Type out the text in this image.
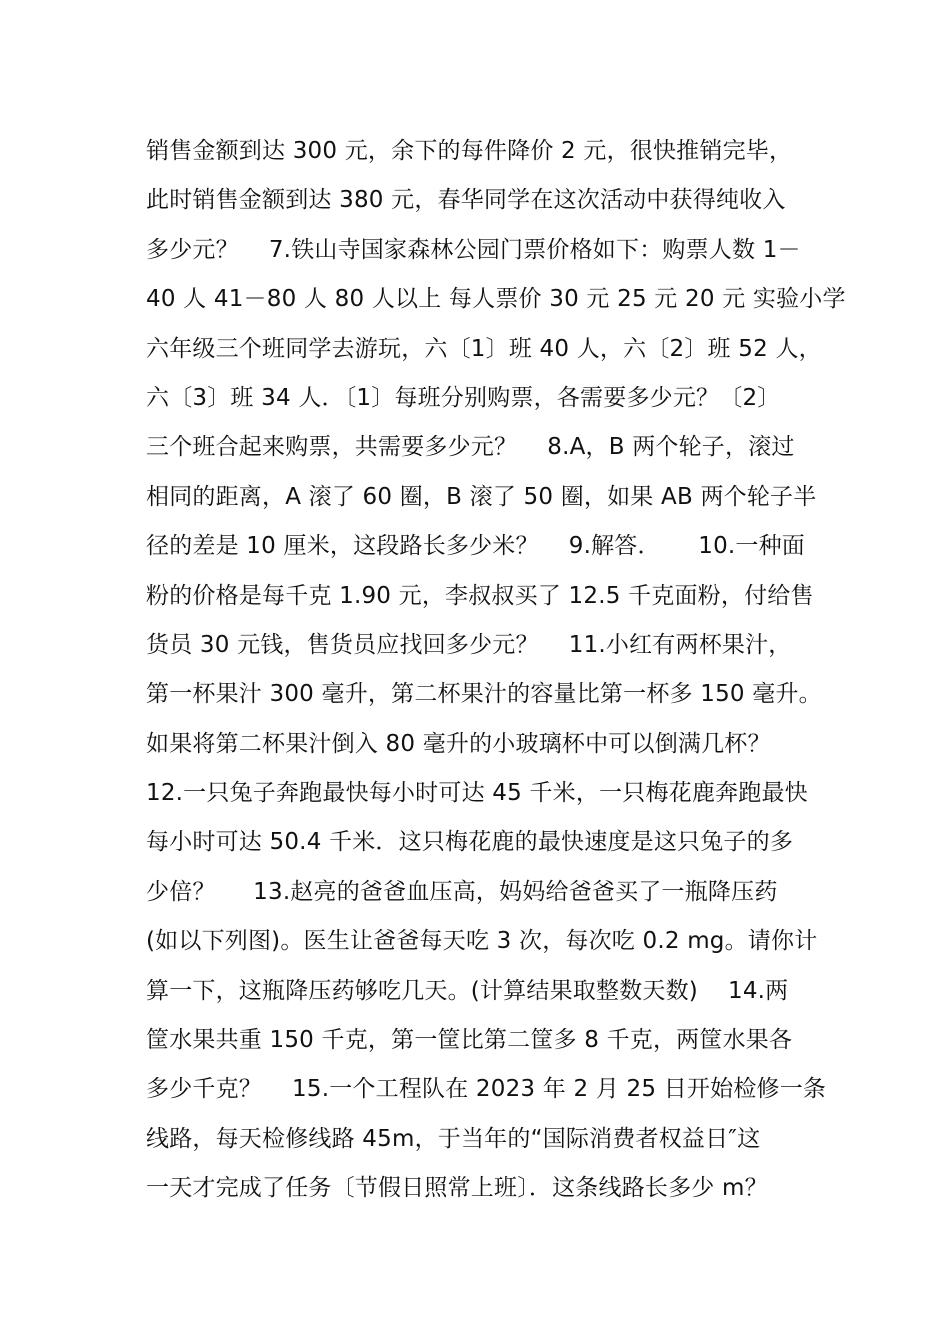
销售金额到达 300 元，余下的每件降价 2 元，很快推销完毕，
此时销售金额到达 380 元，春华同学在这次活动中获得纯收入
多少元？    7.铁山寺国家森林公园门票价格如下：购票人数 1－
40 人 41－80 人 80 人以上 每人票价 30 元 25 元 20 元 实验小学
六年级三个班同学去游玩，六〔1〕班 40 人，六〔2〕班 52 人，
六〔3〕班 34 人．〔1〕每班分别购票，各需要多少元？〔2〕
三个班合起来购票，共需要多少元？    8.A，B 两个轮子，滚过
相同的距离，A 滚了 60 圈，B 滚了 50 圈，如果 AB 两个轮子半
径的差是 10 厘米，这段路长多少米？    9.解答．     10.一种面
粉的价格是每千克 1.90 元，李叔叔买了 12.5 千克面粉，付给售
货员 30 元钱，售货员应找回多少元？    11.小红有两杯果汁，
第一杯果汁 300 毫升，第二杯果汁的容量比第一杯多 150 毫升。
如果将第二杯果汁倒入 80 毫升的小玻璃杯中可以倒满几杯？
12.一只兔子奔跑最快每小时可达 45 千米，一只梅花鹿奔跑最快
每小时可达 50.4 千米．这只梅花鹿的最快速度是这只兔子的多
少倍？     13.赵亮的爸爸血压高，妈妈给爸爸买了一瓶降压药
(如以下列图)。医生让爸爸每天吃 3 次，每次吃 0.2 mg。请你计
算一下，这瓶降压药够吃几天。(计算结果取整数天数)    14.两
筐水果共重 150 千克，第一筐比第二筐多 8 千克，两筐水果各
多少千克？    15.一个工程队在 2023 年 2 月 25 日开始检修一条
线路，每天检修线路 45m，于当年的“国际消费者权益日″这
一天才完成了任务〔节假日照常上班〕．这条线路长多少 m？
